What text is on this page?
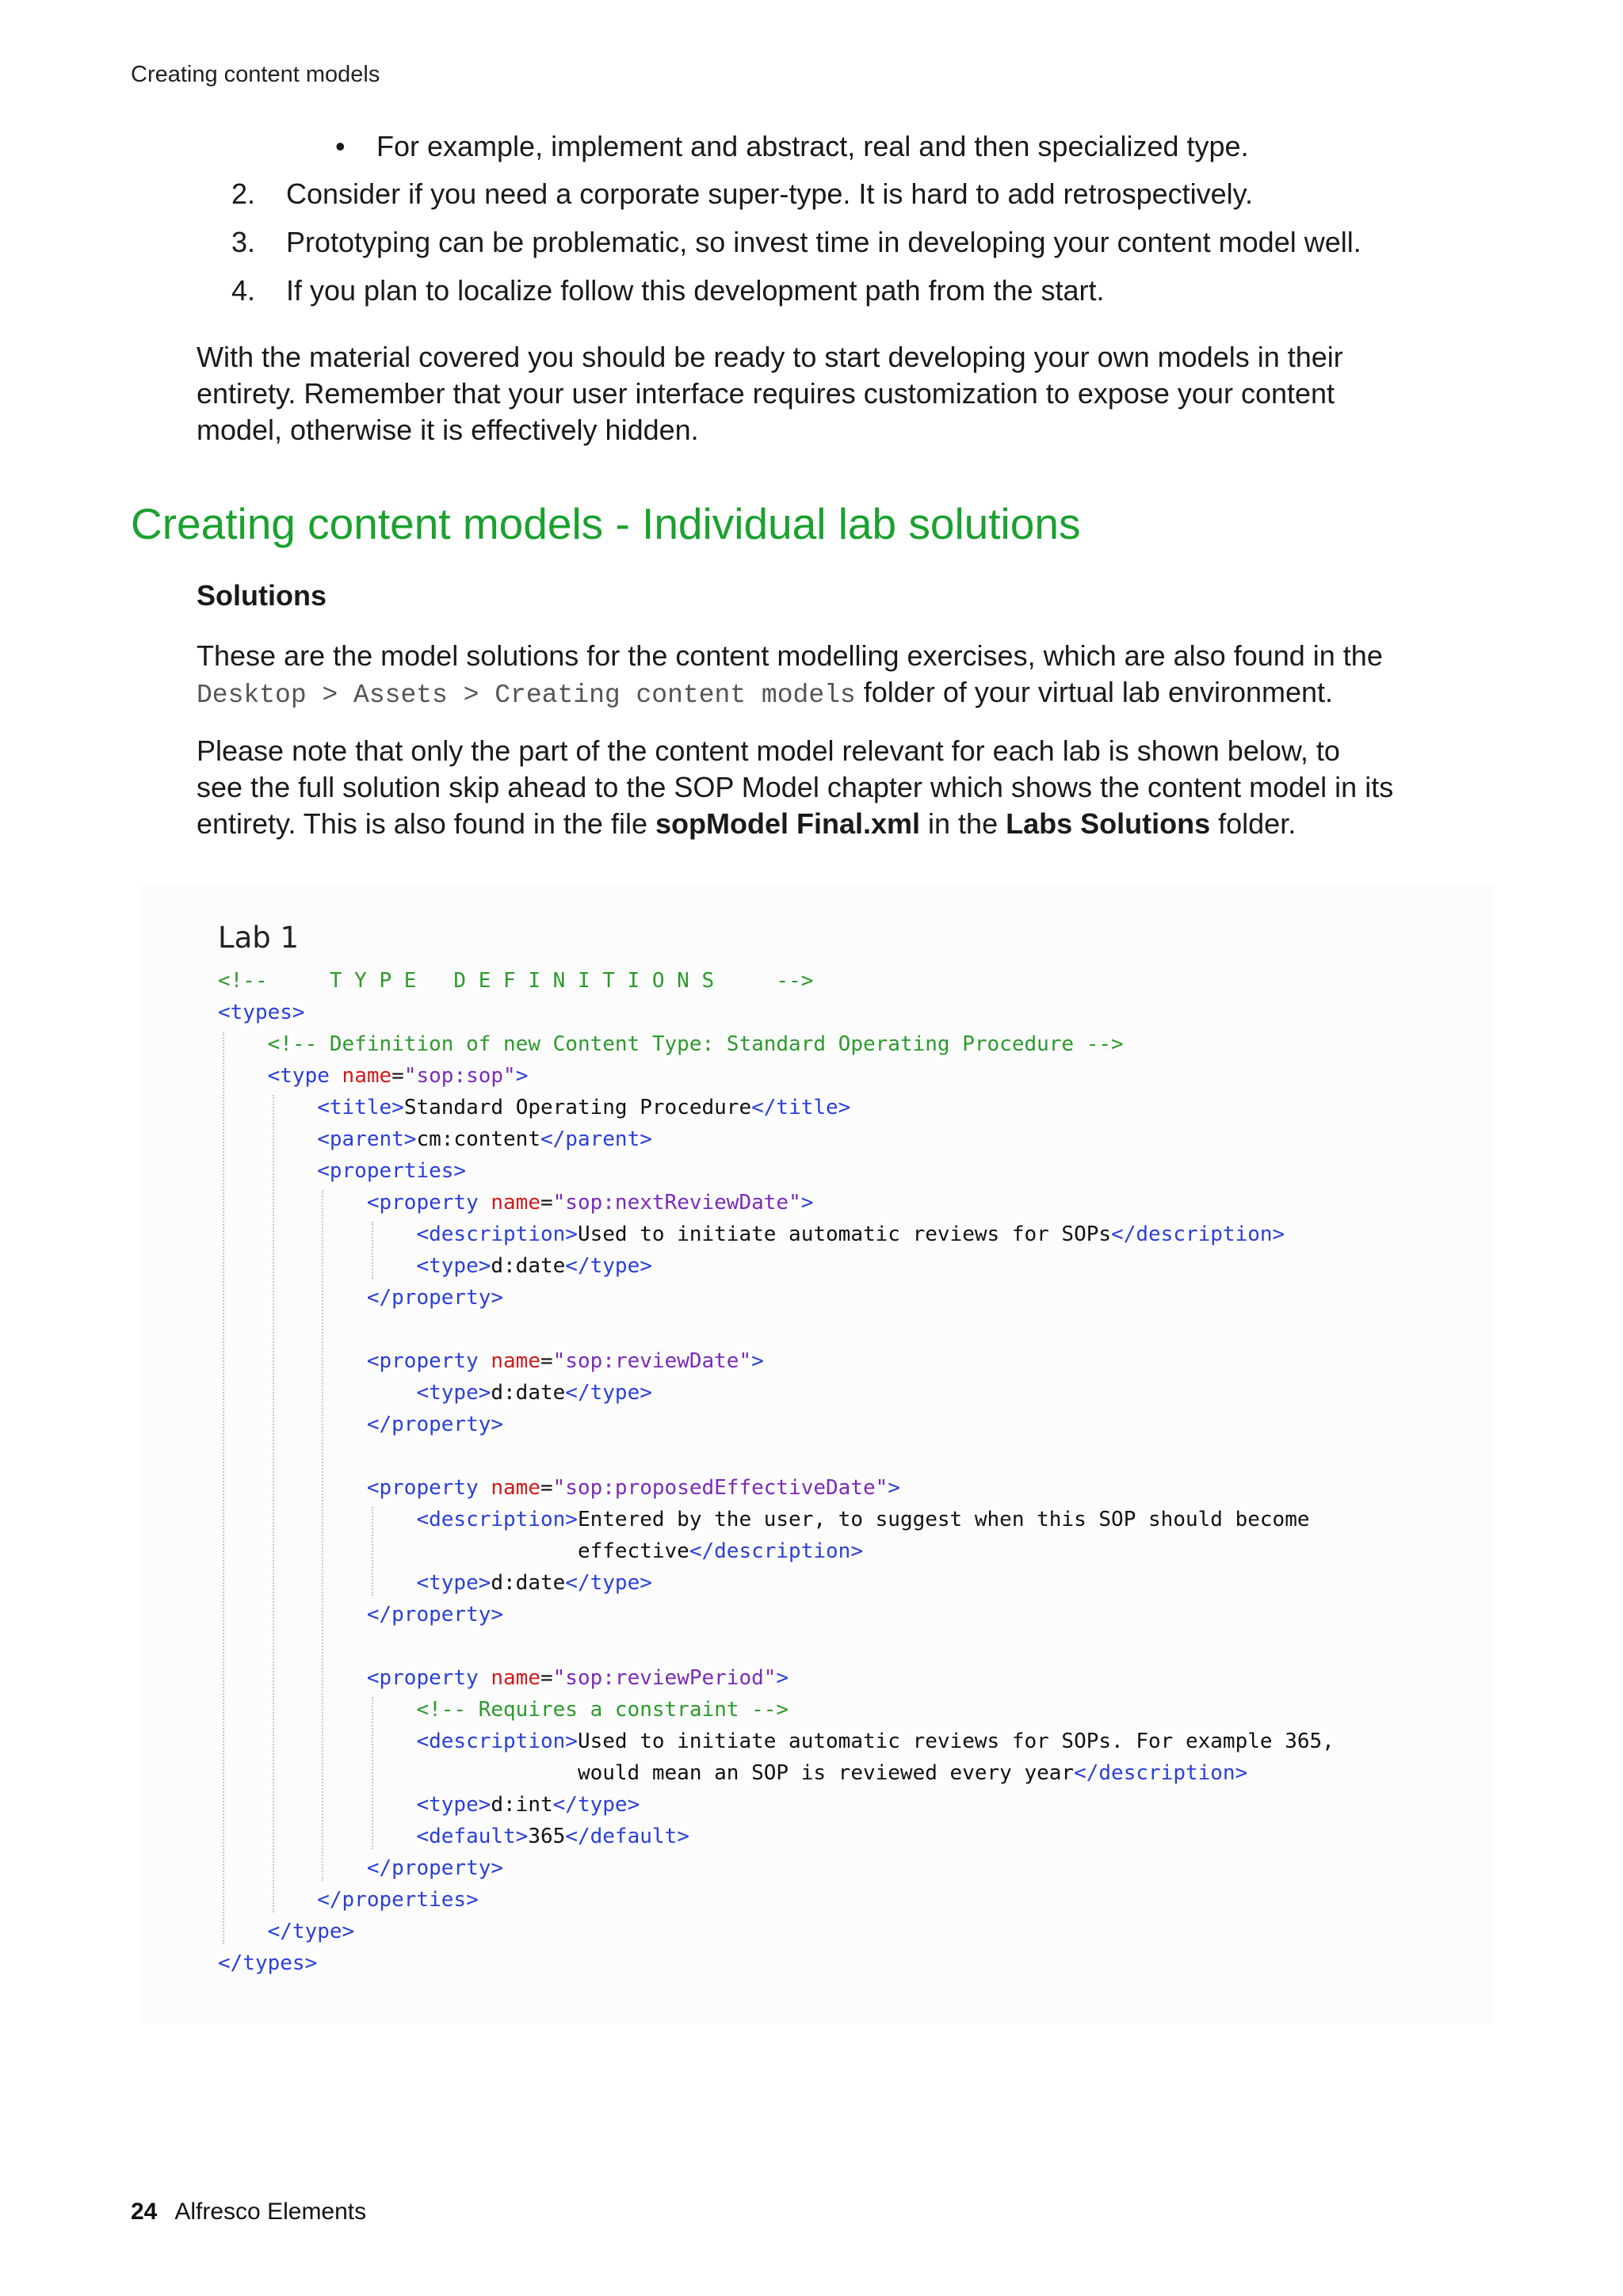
Creating content models
• For example, implement and abstract, real and then specialized type.
2. Consider if you need a corporate super-type. It is hard to add retrospectively.
3. Prototyping can be problematic, so invest time in developing your content model well.
4. If you plan to localize follow this development path from the start.
With the material covered you should be ready to start developing your own models in their
entirety. Remember that your user interface requires customization to expose your content
model, otherwise it is effectively hidden.
Creating content models - Individual lab solutions
Solutions
These are the model solutions for the content modelling exercises, which are also found in the
Desktop > Assets > Creating content models folder of your virtual lab environment.
Please note that only the part of the content model relevant for each lab is shown below, to
see the full solution skip ahead to the SOP Model chapter which shows the content model in its
entirety. This is also found in the file sopModel Final.xml in the Labs Solutions folder.
Lab 1
<!--     T Y P E   D E F I N I T I O N S     -->
<types>
<!-- Definition of new Content Type: Standard Operating Procedure -->
<type name="sop:sop">
<title>Standard Operating Procedure</title>
<parent>cm:content</parent>
<properties>
<property name="sop:nextReviewDate">
<description>Used to initiate automatic reviews for SOPs</description>
<type>d:date</type>
</property>
<property name="sop:reviewDate">
<type>d:date</type>
</property>
<property name="sop:proposedEffectiveDate">
<description>Entered by the user, to suggest when this SOP should become
effective</description>
<type>d:date</type>
</property>
<property name="sop:reviewPeriod">
<!-- Requires a constraint -->
<description>Used to initiate automatic reviews for SOPs. For example 365,
would mean an SOP is reviewed every year</description>
<type>d:int</type>
<default>365</default>
</property>
</properties>
</type>
</types>
24 Alfresco Elements
